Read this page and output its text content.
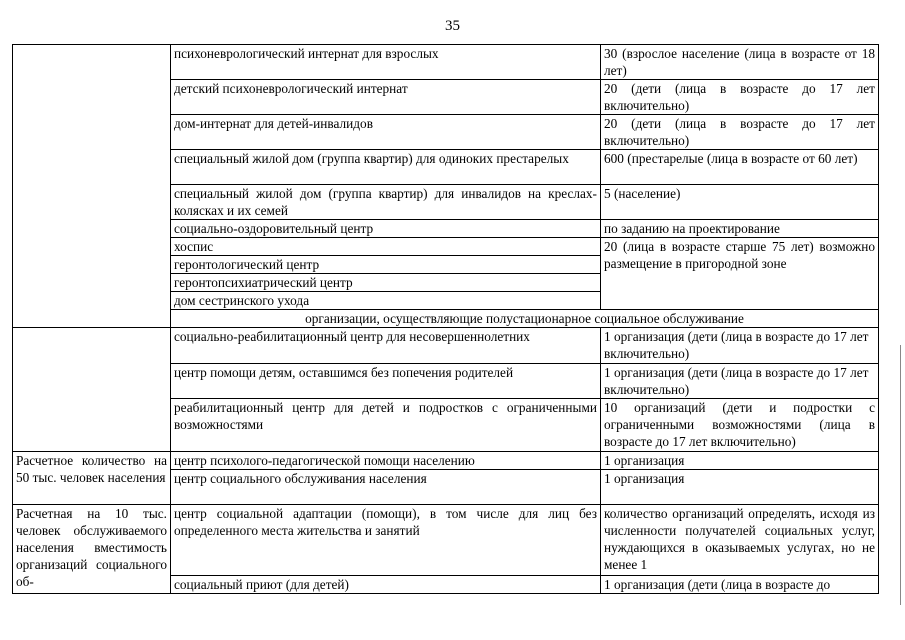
35
	психоневрологический интернат для взрослых	30 (взрослое население (лица в возрасте от 18 лет)
	детский психоневрологический интернат	20 (дети (лица в возрасте до 17 лет включительно)
	дом-интернат для детей-инвалидов	20 (дети (лица в возрасте до 17 лет включительно)
	специальный жилой дом (группа квартир) для одиноких престарелых	600 (престарелые (лица в возрасте от 60 лет)
	специальный жилой дом (группа квартир) для инвалидов на креслах-колясках и их семей	5 (население)
	социально-оздоровительный центр	по заданию на проектирование
	хоспис	20 (лица в возрасте старше 75 лет) возможно размещение в пригородной зоне
	геронтологический центр	
	геронтопсихиатрический центр	
	дом сестринского ухода	
	организации, осуществляющие полустационарное социальное обслуживание	
	социально-реабилитационный центр для несовершеннолетних	1 организация (дети (лица в возрасте до 17 лет включительно)
	центр помощи детям, оставшимся без попечения родителей	1 организация (дети (лица в возрасте до 17 лет включительно)
	реабилитационный центр для детей и подростков с ограниченными возможностями	10 организаций (дети и подростки с ограниченными возможностями (лица в возрасте до 17 лет включительно)
Расчетное количество на 50 тыс. человек населения	центр психолого-педагогической помощи населению	1 организация
	центр социального обслуживания населения	1 организация
Расчетная на 10 тыс. человек обслуживаемого населения вместимость организаций социального об-	центр социальной адаптации (помощи), в том числе для лиц без определенного места жительства и занятий	количество организаций определять, исходя из численности получателей социальных услуг, нуждающихся в оказываемых услугах, но не менее 1
	социальный приют (для детей)	1 организация (дети (лица в возрасте до
